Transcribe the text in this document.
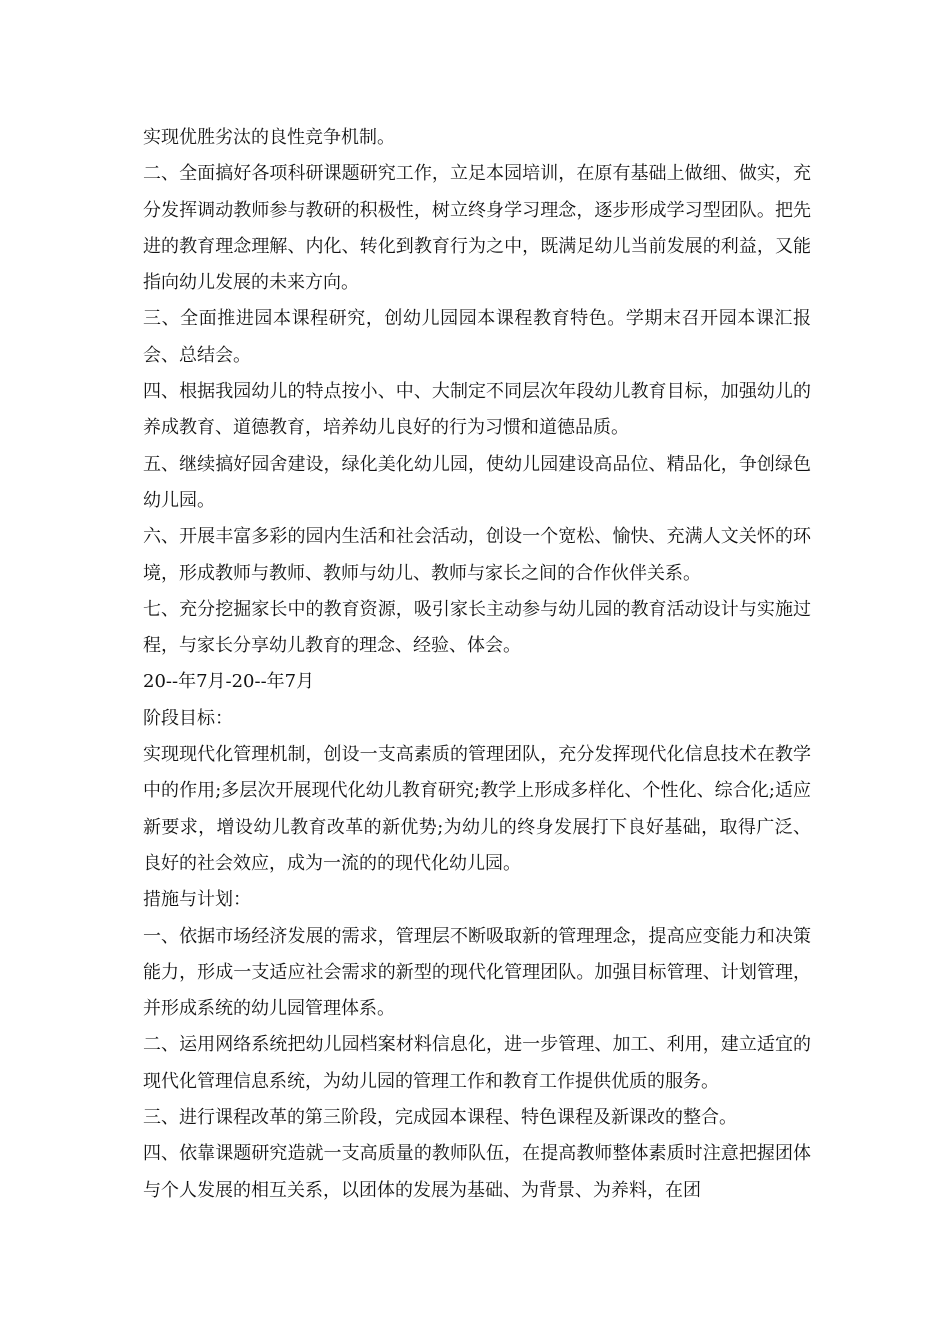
实现优胜劣汰的良性竞争机制。

二、全面搞好各项科研课题研究工作，立足本园培训，在原有基础上做细、做实，充分发挥调动教师参与教研的积极性，树立终身学习理念，逐步形成学习型团队。把先进的教育理念理解、内化、转化到教育行为之中，既满足幼儿当前发展的利益，又能指向幼儿发展的未来方向。

三、全面推进园本课程研究，创幼儿园园本课程教育特色。学期末召开园本课汇报会、总结会。

四、根据我园幼儿的特点按小、中、大制定不同层次年段幼儿教育目标，加强幼儿的养成教育、道德教育，培养幼儿良好的行为习惯和道德品质。

五、继续搞好园舍建设，绿化美化幼儿园，使幼儿园建设高品位、精品化，争创绿色幼儿园。

六、开展丰富多彩的园内生活和社会活动，创设一个宽松、愉快、充满人文关怀的环境，形成教师与教师、教师与幼儿、教师与家长之间的合作伙伴关系。

七、充分挖掘家长中的教育资源，吸引家长主动参与幼儿园的教育活动设计与实施过程，与家长分享幼儿教育的理念、经验、体会。

20--年7月-20--年7月

阶段目标：

实现现代化管理机制，创设一支高素质的管理团队，充分发挥现代化信息技术在教学中的作用;多层次开展现代化幼儿教育研究;教学上形成多样化、个性化、综合化;适应新要求，增设幼儿教育改革的新优势;为幼儿的终身发展打下良好基础，取得广泛、良好的社会效应，成为一流的的现代化幼儿园。

措施与计划：

一、依据市场经济发展的需求，管理层不断吸取新的管理理念，提高应变能力和决策能力，形成一支适应社会需求的新型的现代化管理团队。加强目标管理、计划管理，并形成系统的幼儿园管理体系。

二、运用网络系统把幼儿园档案材料信息化，进一步管理、加工、利用，建立适宜的现代化管理信息系统，为幼儿园的管理工作和教育工作提供优质的服务。

三、进行课程改革的第三阶段，完成园本课程、特色课程及新课改的整合。

四、依靠课题研究造就一支高质量的教师队伍，在提高教师整体素质时注意把握团体与个人发展的相互关系，以团体的发展为基础、为背景、为养料，在团
